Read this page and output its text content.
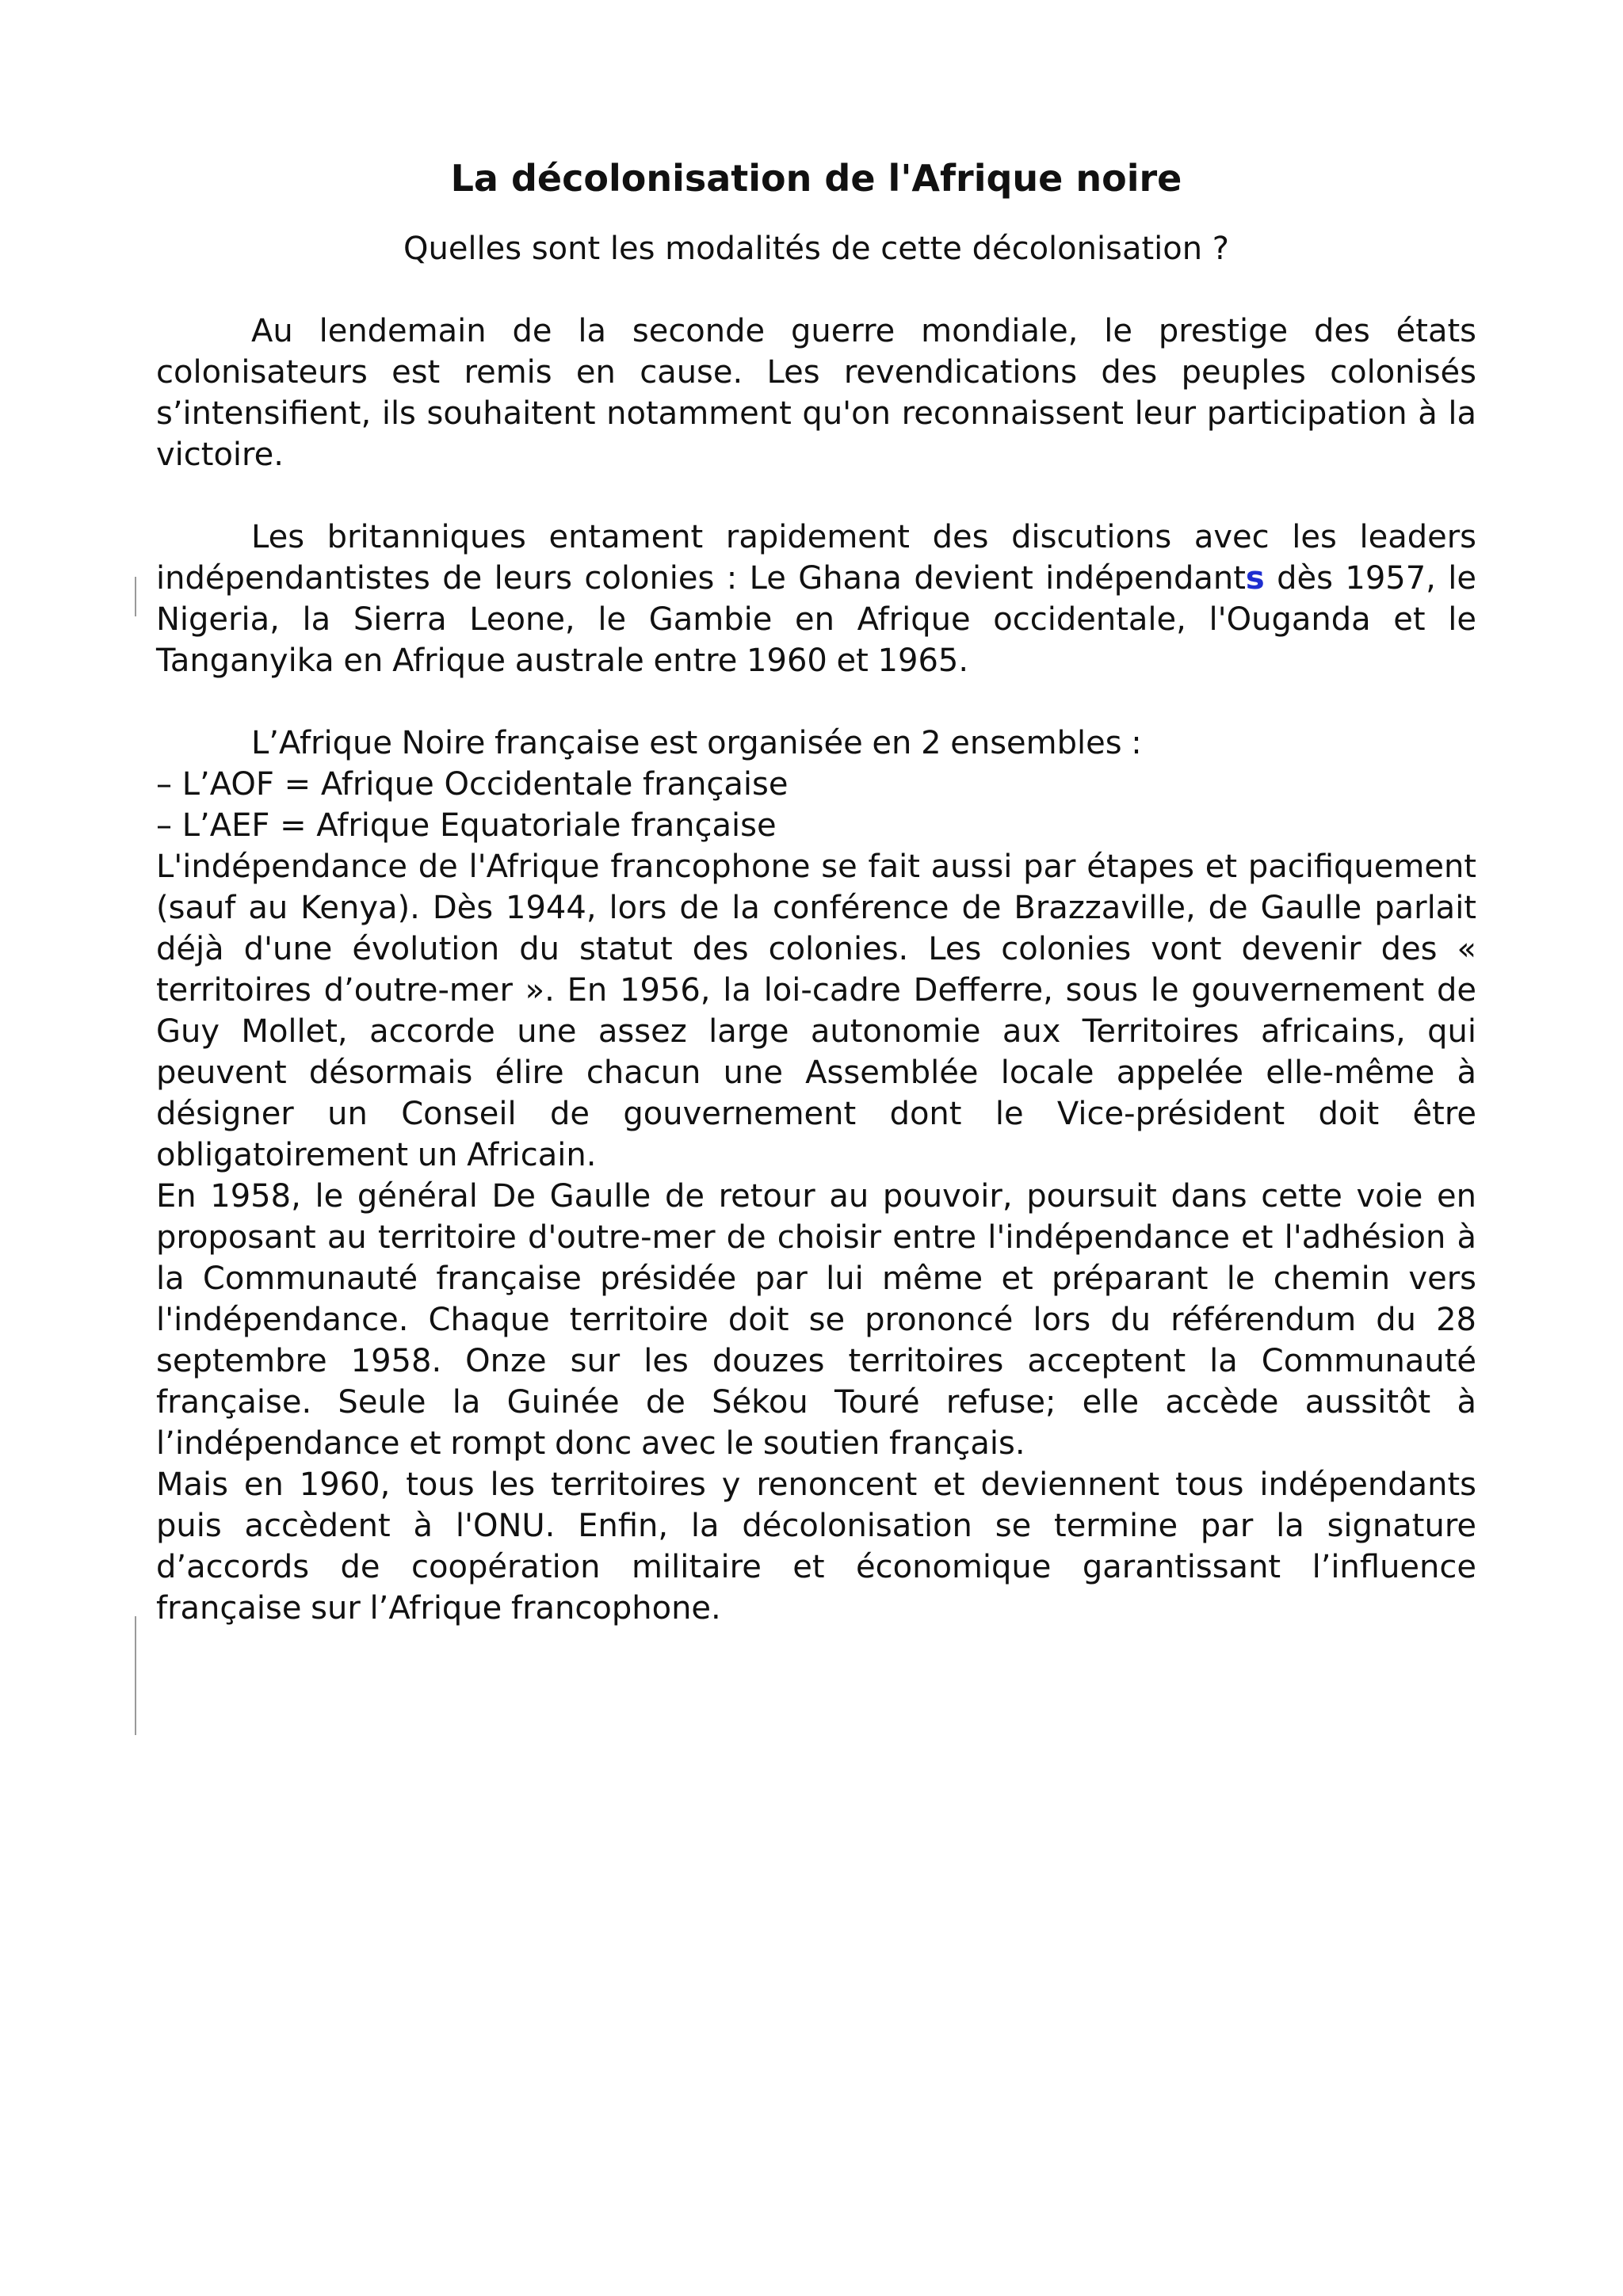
La décolonisation de l'Afrique noire

Quelles sont les modalités de cette décolonisation ?

Au lendemain de la seconde guerre mondiale, le prestige des états colonisateurs est remis en cause. Les revendications des peuples colonisés s’intensifient, ils souhaitent notamment qu'on reconnaissent leur participation à la victoire.

Les britanniques entament rapidement des discutions avec les leaders indépendantistes de leurs colonies : Le Ghana devient indépendants dès 1957, le Nigeria, la Sierra Leone, le Gambie en Afrique occidentale, l'Ouganda et le Tanganyika en Afrique australe entre 1960 et 1965.

L’Afrique Noire française est organisée en 2 ensembles :

– L’AOF = Afrique Occidentale française
– L’AEF = Afrique Equatoriale française

L'indépendance de l'Afrique francophone se fait aussi par étapes et pacifiquement (sauf au Kenya). Dès 1944, lors de la conférence de Brazzaville, de Gaulle parlait déjà d'une évolution du statut des colonies. Les colonies vont devenir des « territoires d’outre-mer ». En 1956, la loi-cadre Defferre, sous le gouvernement de Guy Mollet, accorde une assez large autonomie aux Territoires africains, qui peuvent désormais élire chacun une Assemblée locale appelée elle-même à désigner un Conseil de gouvernement dont le Vice-président doit être obligatoirement un Africain.

En 1958, le général De Gaulle de retour au pouvoir, poursuit dans cette voie en proposant au territoire d'outre-mer de choisir entre l'indépendance et l'adhésion à la Communauté française présidée par lui même et préparant le chemin vers l'indépendance. Chaque territoire doit se prononcé lors du référendum du 28 septembre 1958. Onze sur les douzes territoires acceptent la Communauté française. Seule la Guinée de Sékou Touré refuse; elle accède aussitôt à l’indépendance et rompt donc avec le soutien français.

Mais en 1960, tous les territoires y renoncent et deviennent tous indépendants puis accèdent à l'ONU. Enfin, la décolonisation se termine par la signature d’accords de coopération militaire et économique garantissant l’influence française sur l’Afrique francophone.
